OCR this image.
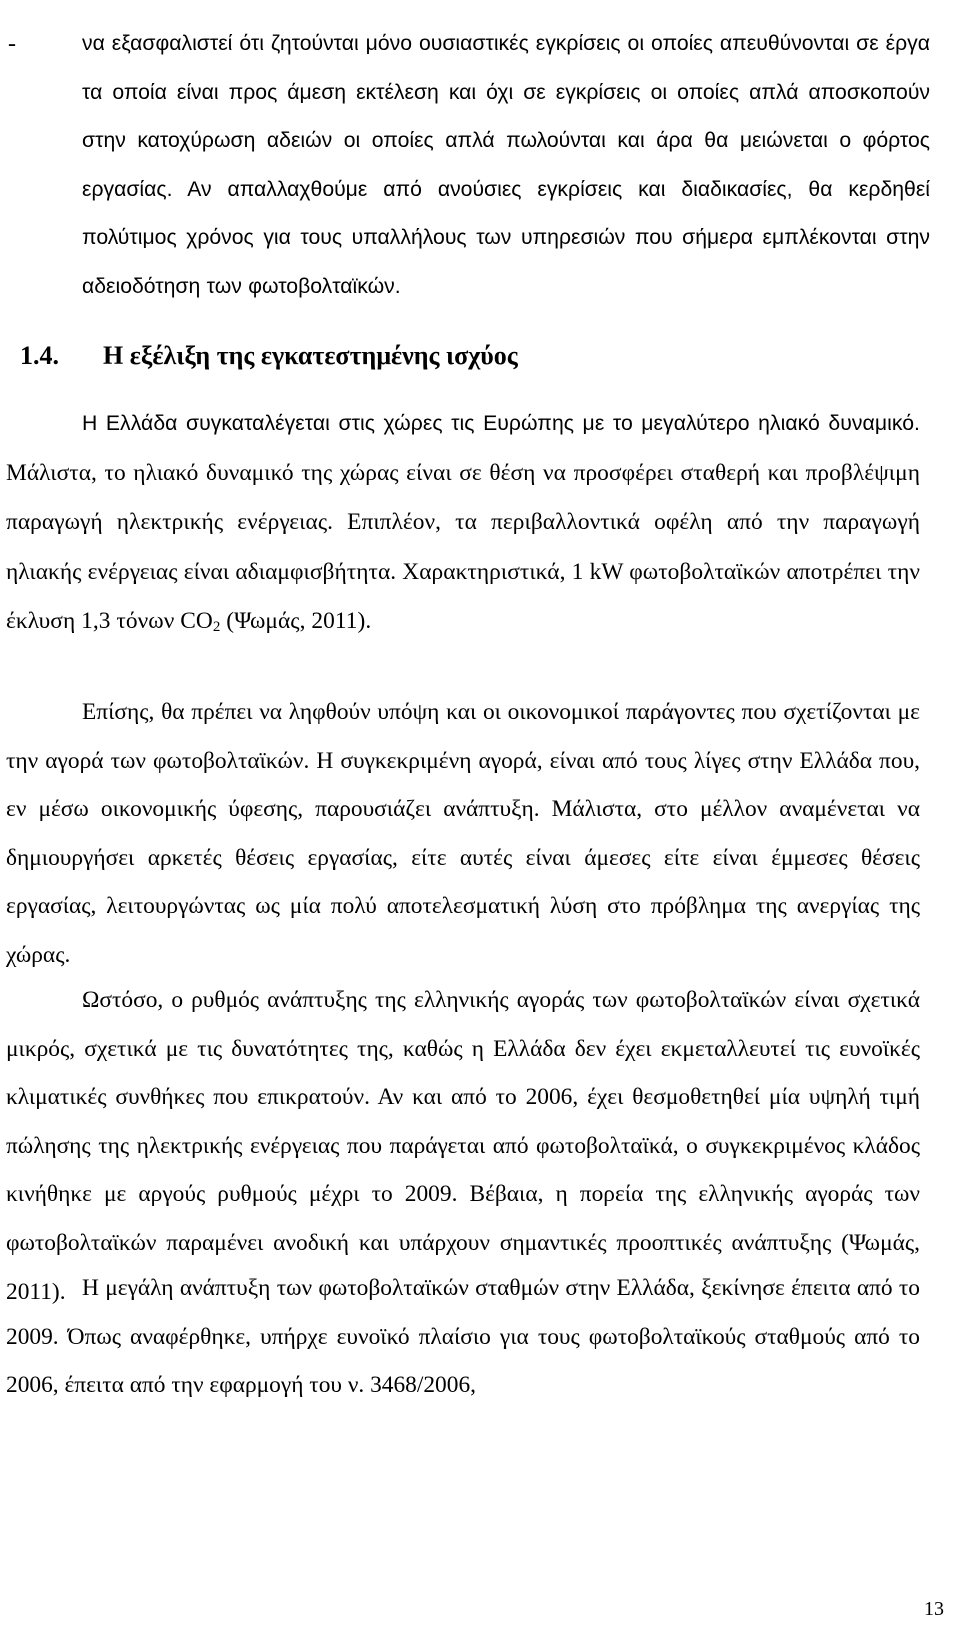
-	να εξασφαλιστεί ότι ζητούνται μόνο ουσιαστικές εγκρίσεις οι οποίες απευθύνονται σε έργα τα οποία είναι προς άμεση εκτέλεση και όχι σε εγκρίσεις οι οποίες απλά αποσκοπούν στην κατοχύρωση αδειών οι οποίες απλά πωλούνται και άρα θα μειώνεται ο φόρτος εργασίας. Αν απαλλαχθούμε από ανούσιες εγκρίσεις και διαδικασίες, θα κερδηθεί πολύτιμος χρόνος για τους υπαλλήλους των υπηρεσιών που σήμερα εμπλέκονται στην αδειοδότηση των φωτοβολταϊκών.
1.4. Η εξέλιξη της εγκατεστημένης ισχύος

Η Ελλάδα συγκαταλέγεται στις χώρες τις Ευρώπης με το μεγαλύτερο ηλιακό δυναμικό. Μάλιστα, το ηλιακό δυναμικό της χώρας είναι σε θέση να προσφέρει σταθερή και προβλέψιμη παραγωγή ηλεκτρικής ενέργειας. Επιπλέον, τα περιβαλλοντικά οφέλη από την παραγωγή ηλιακής ενέργειας είναι αδιαμφισβήτητα. Χαρακτηριστικά, 1 kW φωτοβολταϊκών αποτρέπει την έκλυση 1,3 τόνων $CO_2$ (Ψωμάς, 2011).

Επίσης, θα πρέπει να ληφθούν υπόψη και οι οικονομικοί παράγοντες που σχετίζονται με την αγορά των φωτοβολταϊκών. Η συγκεκριμένη αγορά, είναι από τους λίγες στην Ελλάδα που, εν μέσω οικονομικής ύφεσης, παρουσιάζει ανάπτυξη. Μάλιστα, στο μέλλον αναμένεται να δημιουργήσει αρκετές θέσεις εργασίας, είτε αυτές είναι άμεσες είτε είναι έμμεσες θέσεις εργασίας, λειτουργώντας ως μία πολύ αποτελεσματική λύση στο πρόβλημα της ανεργίας της χώρας.

Ωστόσο, ο ρυθμός ανάπτυξης της ελληνικής αγοράς των φωτοβολταϊκών είναι σχετικά μικρός, σχετικά με τις δυνατότητες της, καθώς η Ελλάδα δεν έχει εκμεταλλευτεί τις ευνοϊκές κλιματικές συνθήκες που επικρατούν. Αν και από το 2006, έχει θεσμοθετηθεί μία υψηλή τιμή πώλησης της ηλεκτρικής ενέργειας που παράγεται από φωτοβολταϊκά, ο συγκεκριμένος κλάδος κινήθηκε με αργούς ρυθμούς μέχρι το 2009. Βέβαια, η πορεία της ελληνικής αγοράς των φωτοβολταϊκών παραμένει ανοδική και υπάρχουν σημαντικές προοπτικές ανάπτυξης (Ψωμάς, 2011). Η μεγάλη ανάπτυξη των φωτοβολταϊκών σταθμών στην Ελλάδα, ξεκίνησε έπειτα από το 2009. Όπως αναφέρθηκε, υπήρχε ευνοϊκό πλαίσιο για τους φωτοβολταϊκούς σταθμούς από το 2006, έπειτα από την εφαρμογή του ν. 3468/2006,

13
